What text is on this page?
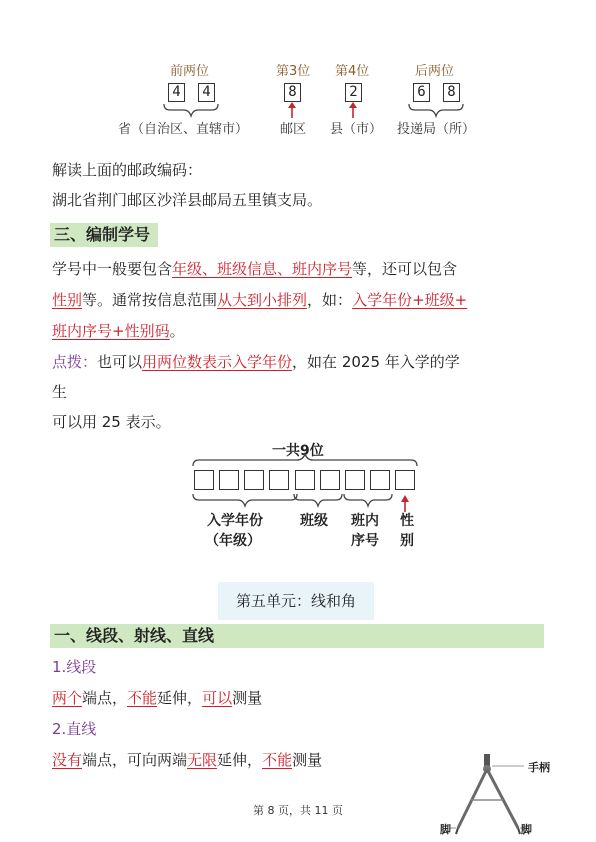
前两位	第3位 第4位	后两位
4	4	8	2	6	8
省（自治区、直辖市） 邮区 县（市） 投递局（所）
解读上面的邮政编码：
湖北省荆门邮区沙洋县邮局五里镇支局。
三、编制学号
学号中一般要包含年级、班级信息、班内序号等，还可以包含
性别等。通常按信息范围从大到小排列，如：入学年份+班级+
班内序号+性别码。
点拨：也可以用两位数表示入学年份，如在 2025 年入学的学
生
可以用 25 表示。
一共9位
入学年份
（年级）
班级 班内
序号
性
别
第五单元：线和角
一、线段、射线、直线
1.线段
两个端点，不能延伸，可以测量
2.直线
没有端点，可向两端无限延伸，不能测量	手柄
脚	脚
第 8 页，共 11 页
